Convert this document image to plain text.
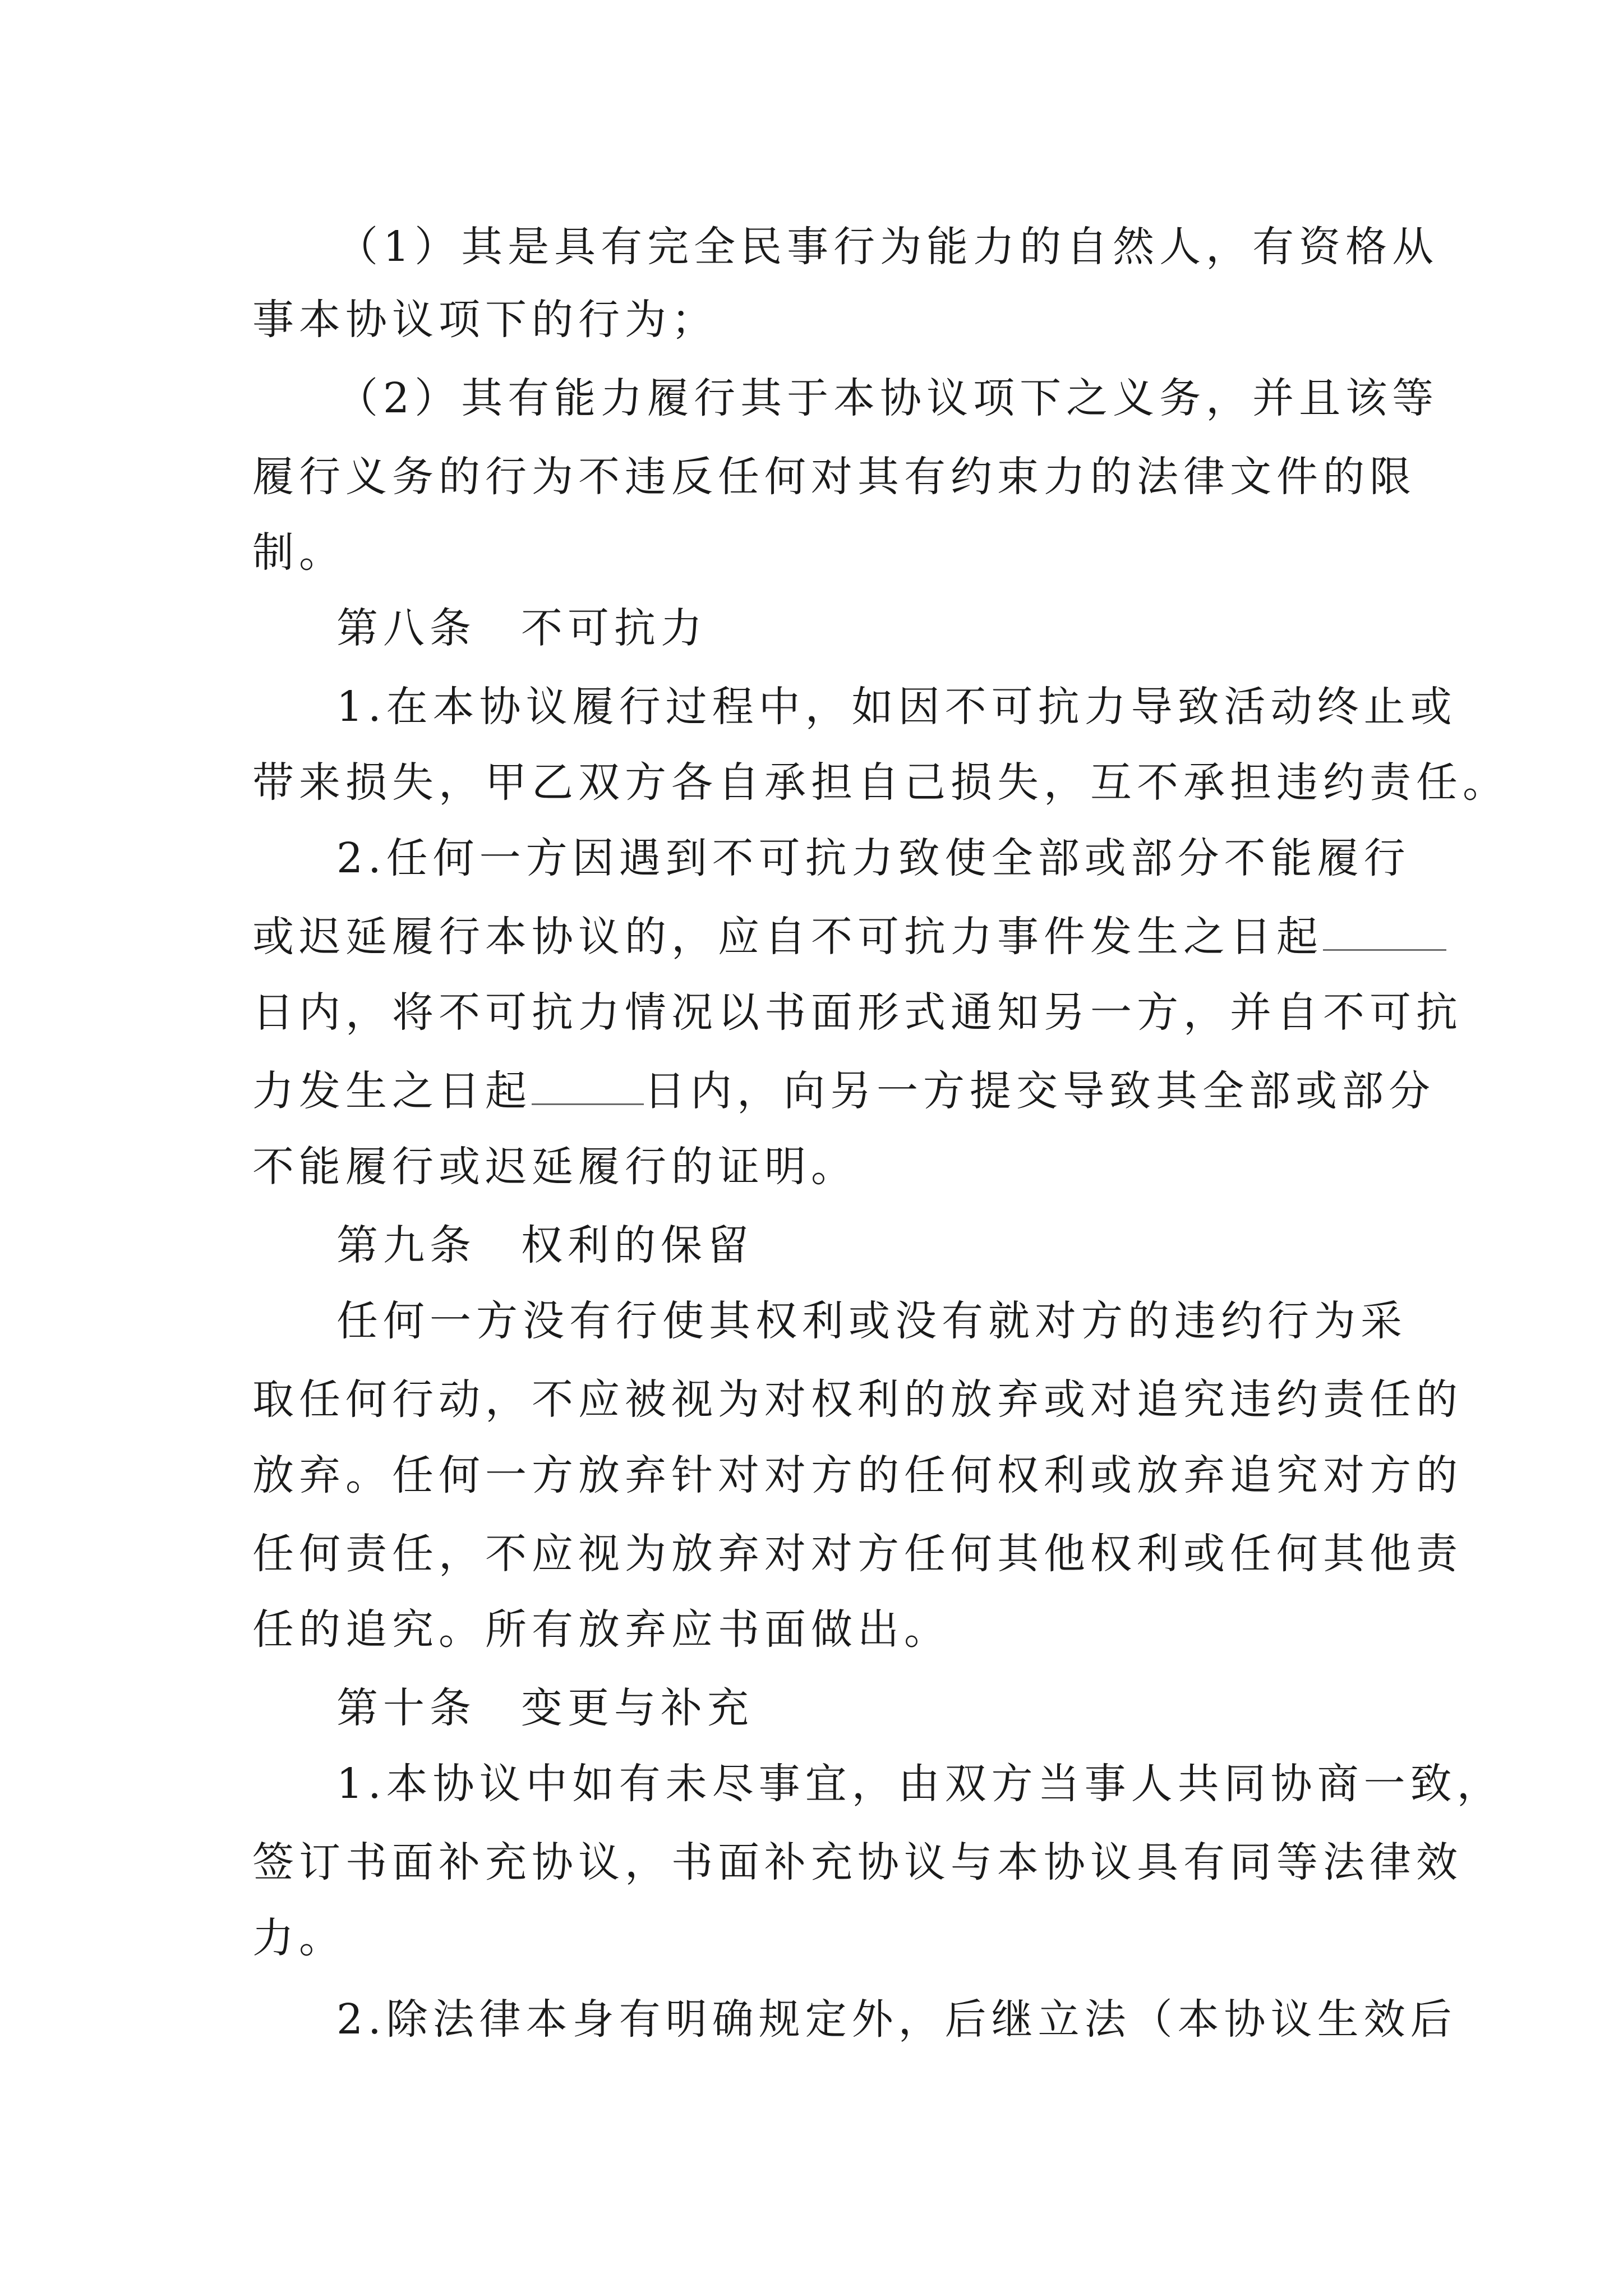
（1）其是具有完全民事行为能力的自然人，有资格从
事本协议项下的行为；
（2）其有能力履行其于本协议项下之义务，并且该等
履行义务的行为不违反任何对其有约束力的法律文件的限
制。
第八条 不可抗力
1.在本协议履行过程中，如因不可抗力导致活动终止或
带来损失，甲乙双方各自承担自己损失，互不承担违约责任。
2.任何一方因遇到不可抗力致使全部或部分不能履行
或迟延履行本协议的，应自不可抗力事件发生之日起
日内，将不可抗力情况以书面形式通知另一方，并自不可抗
力发生之日起	日内，向另一方提交导致其全部或部分
不能履行或迟延履行的证明。
第九条 权利的保留
任何一方没有行使其权利或没有就对方的违约行为采
取任何行动，不应被视为对权利的放弃或对追究违约责任的
放弃。任何一方放弃针对对方的任何权利或放弃追究对方的
任何责任，不应视为放弃对对方任何其他权利或任何其他责
任的追究。所有放弃应书面做出。
第十条 变更与补充
1.本协议中如有未尽事宜，由双方当事人共同协商一致，
签订书面补充协议，书面补充协议与本协议具有同等法律效
力。
2.除法律本身有明确规定外，后继立法（本协议生效后
